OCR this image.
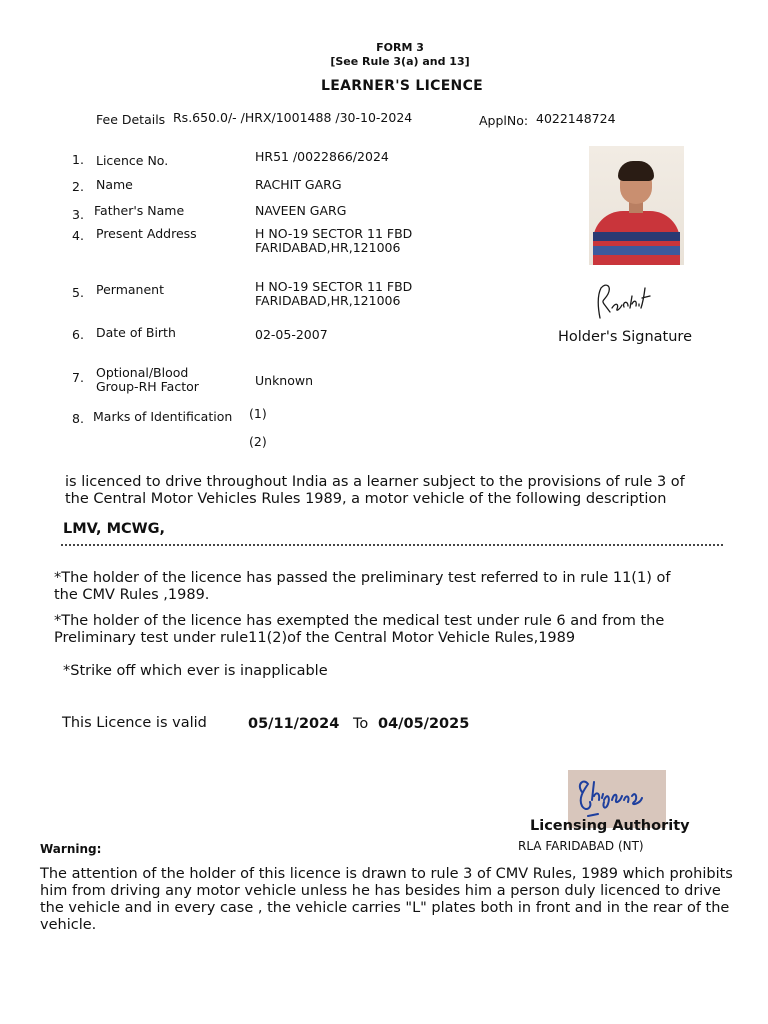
FORM 3
[See Rule 3(a) and 13]
LEARNER'S LICENCE
Fee Details Rs.650.0/- /HRX/1001488 /30-10-2024	ApplNo: 4022148724
1. Licence No.	HR51 /0022866/2024
2. Name	RACHIT GARG
3. Father's Name	NAVEEN GARG
4. Present Address	H NO-19 SECTOR 11 FBD
FARIDABAD,HR,121006
5. Permanent	H NO-19 SECTOR 11 FBD
FARIDABAD,HR,121006
6. Date of Birth	02-05-2007
7. Optional/Blood
Group-RH Factor	Unknown
8. Marks of Identification (1)
(2)
Holder's Signature
is licenced to drive throughout India as a learner subject to the provisions of rule 3 of
the Central Motor Vehicles Rules 1989, a motor vehicle of the following description
LMV, MCWG,
*The holder of the licence has passed the preliminary test referred to in rule 11(1) of
the CMV Rules ,1989.
*The holder of the licence has exempted the medical test under rule 6 and from the
Preliminary test under rule11(2)of the Central Motor Vehicle Rules,1989
*Strike off which ever is inapplicable
This Licence is valid	05/11/2024 To 04/05/2025
Licensing Authority
RLA FARIDABAD (NT)
Warning:
The attention of the holder of this licence is drawn to rule 3 of CMV Rules, 1989 which prohibits him from driving any motor vehicle unless he has besides him a person duly licenced to drive the vehicle and in every case , the vehicle carries "L" plates both in front and in the rear of the vehicle.
